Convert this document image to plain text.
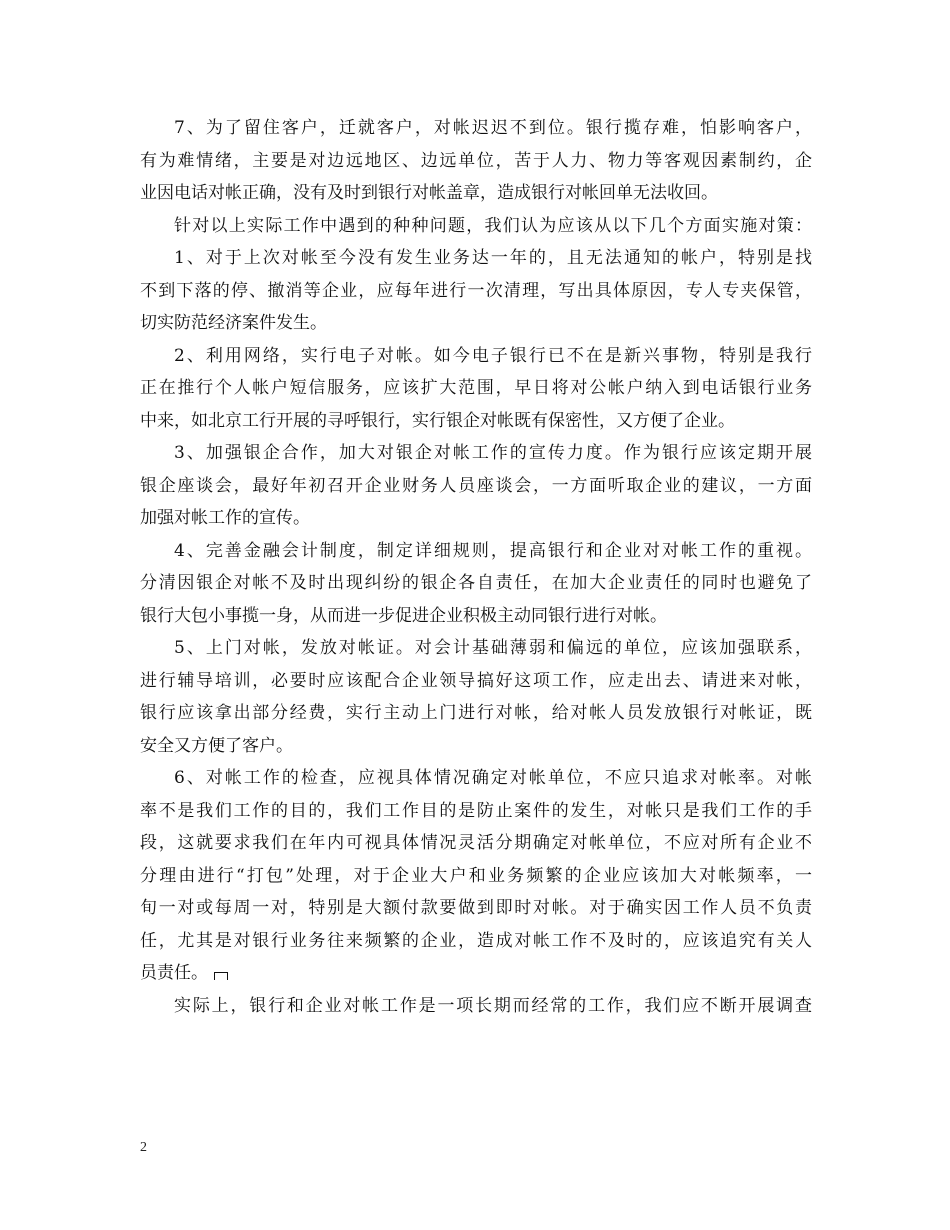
7、为了留住客户，迁就客户，对帐迟迟不到位。银行揽存难，怕影响客户，
有为难情绪，主要是对边远地区、边远单位，苦于人力、物力等客观因素制约，企
业因电话对帐正确，没有及时到银行对帐盖章，造成银行对帐回单无法收回。
针对以上实际工作中遇到的种种问题，我们认为应该从以下几个方面实施对策：
1、对于上次对帐至今没有发生业务达一年的，且无法通知的帐户，特别是找
不到下落的停、撤消等企业，应每年进行一次清理，写出具体原因，专人专夹保管，
切实防范经济案件发生。
2、利用网络，实行电子对帐。如今电子银行已不在是新兴事物，特别是我行
正在推行个人帐户短信服务，应该扩大范围，早日将对公帐户纳入到电话银行业务
中来，如北京工行开展的寻呼银行，实行银企对帐既有保密性，又方便了企业。
3、加强银企合作，加大对银企对帐工作的宣传力度。作为银行应该定期开展
银企座谈会，最好年初召开企业财务人员座谈会，一方面听取企业的建议，一方面
加强对帐工作的宣传。
4、完善金融会计制度，制定详细规则，提高银行和企业对对帐工作的重视。
分清因银企对帐不及时出现纠纷的银企各自责任，在加大企业责任的同时也避免了
银行大包小事揽一身，从而进一步促进企业积极主动同银行进行对帐。
5、上门对帐，发放对帐证。对会计基础薄弱和偏远的单位，应该加强联系，
进行辅导培训，必要时应该配合企业领导搞好这项工作，应走出去、请进来对帐，
银行应该拿出部分经费，实行主动上门进行对帐，给对帐人员发放银行对帐证，既
安全又方便了客户。
6、对帐工作的检查，应视具体情况确定对帐单位，不应只追求对帐率。对帐
率不是我们工作的目的，我们工作目的是防止案件的发生，对帐只是我们工作的手
段，这就要求我们在年内可视具体情况灵活分期确定对帐单位，不应对所有企业不
分理由进行“打包”处理，对于企业大户和业务频繁的企业应该加大对帐频率，一
旬一对或每周一对，特别是大额付款要做到即时对帐。对于确实因工作人员不负责
任，尤其是对银行业务往来频繁的企业，造成对帐工作不及时的，应该追究有关人
员责任。
实际上，银行和企业对帐工作是一项长期而经常的工作，我们应不断开展调查
2
